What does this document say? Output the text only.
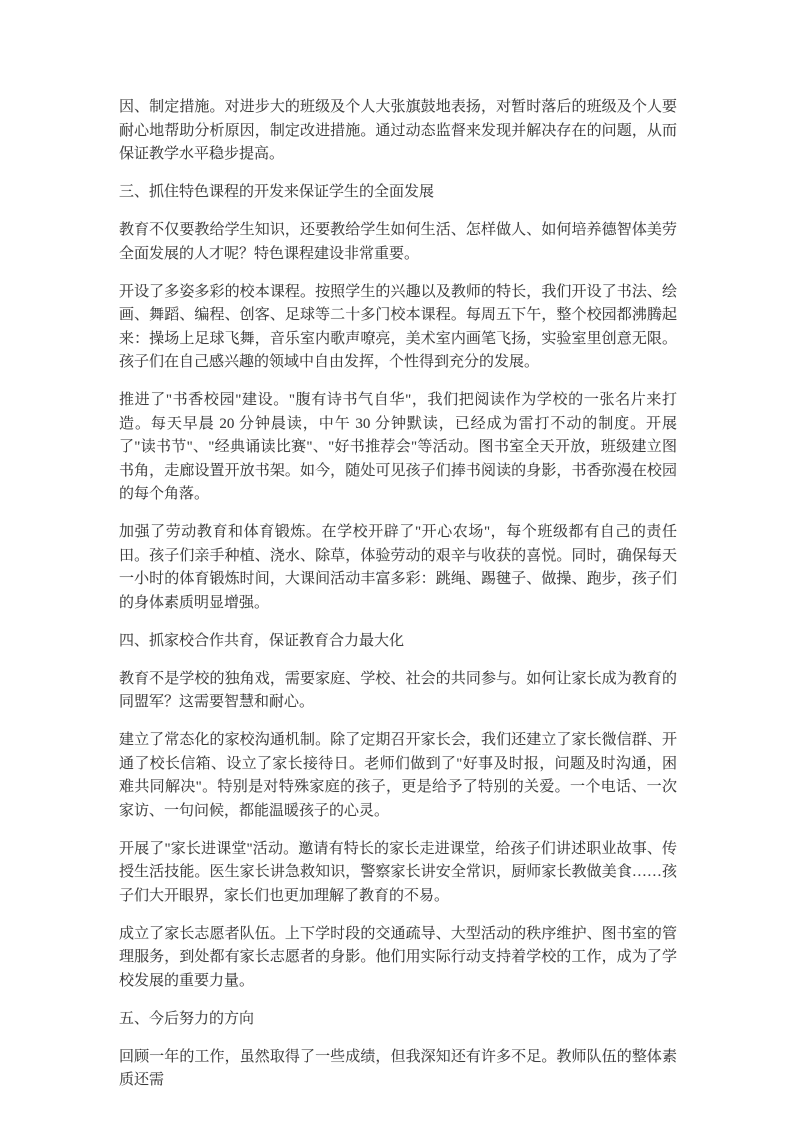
因、制定措施。对进步大的班级及个人大张旗鼓地表扬，对暂时落后的班级及个人要耐心地帮助分析原因，制定改进措施。通过动态监督来发现并解决存在的问题，从而保证教学水平稳步提高。

三、抓住特色课程的开发来保证学生的全面发展

教育不仅要教给学生知识，还要教给学生如何生活、怎样做人、如何培养德智体美劳全面发展的人才呢？特色课程建设非常重要。

开设了多姿多彩的校本课程。按照学生的兴趣以及教师的特长，我们开设了书法、绘画、舞蹈、编程、创客、足球等二十多门校本课程。每周五下午，整个校园都沸腾起来：操场上足球飞舞，音乐室内歌声嘹亮，美术室内画笔飞扬，实验室里创意无限。孩子们在自己感兴趣的领域中自由发挥，个性得到充分的发展。

推进了"书香校园"建设。"腹有诗书气自华"，我们把阅读作为学校的一张名片来打造。每天早晨 20 分钟晨读，中午 30 分钟默读，已经成为雷打不动的制度。开展了"读书节"、"经典诵读比赛"、"好书推荐会"等活动。图书室全天开放，班级建立图书角，走廊设置开放书架。如今，随处可见孩子们捧书阅读的身影，书香弥漫在校园的每个角落。

加强了劳动教育和体育锻炼。在学校开辟了"开心农场"，每个班级都有自己的责任田。孩子们亲手种植、浇水、除草，体验劳动的艰辛与收获的喜悦。同时，确保每天一小时的体育锻炼时间，大课间活动丰富多彩：跳绳、踢毽子、做操、跑步，孩子们的身体素质明显增强。

四、抓家校合作共育，保证教育合力最大化

教育不是学校的独角戏，需要家庭、学校、社会的共同参与。如何让家长成为教育的同盟军？这需要智慧和耐心。

建立了常态化的家校沟通机制。除了定期召开家长会，我们还建立了家长微信群、开通了校长信箱、设立了家长接待日。老师们做到了"好事及时报，问题及时沟通，困难共同解决"。特别是对特殊家庭的孩子，更是给予了特别的关爱。一个电话、一次家访、一句问候，都能温暖孩子的心灵。

开展了"家长进课堂"活动。邀请有特长的家长走进课堂，给孩子们讲述职业故事、传授生活技能。医生家长讲急救知识，警察家长讲安全常识，厨师家长教做美食……孩子们大开眼界，家长们也更加理解了教育的不易。

成立了家长志愿者队伍。上下学时段的交通疏导、大型活动的秩序维护、图书室的管理服务，到处都有家长志愿者的身影。他们用实际行动支持着学校的工作，成为了学校发展的重要力量。

五、今后努力的方向

回顾一年的工作，虽然取得了一些成绩，但我深知还有许多不足。教师队伍的整体素质还需
